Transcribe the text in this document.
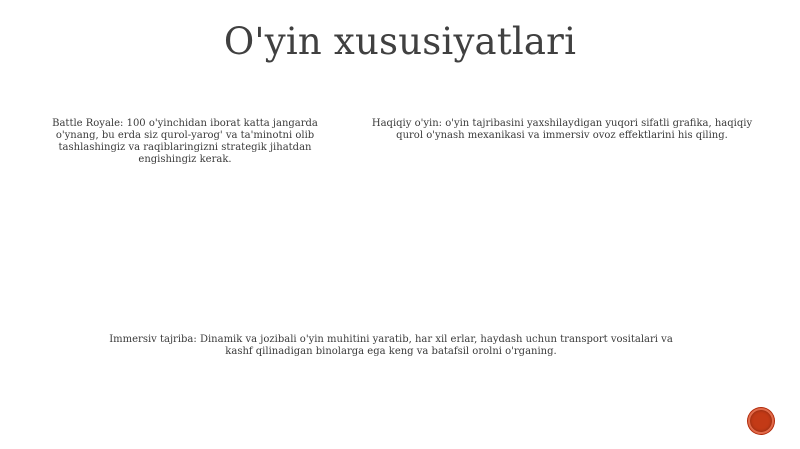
O'yin xususiyatlari

Battle Royale: 100 o'yinchidan iborat katta jangarda o'ynang, bu erda siz qurol-yarog' va ta'minotni olib tashlashingiz va raqiblaringizni strategik jihatdan engishingiz kerak.

Haqiqiy o'yin: o'yin tajribasini yaxshilaydigan yuqori sifatli grafika, haqiqiy qurol o'ynash mexanikasi va immersiv ovoz effektlarini his qiling.

Immersiv tajriba: Dinamik va jozibali o'yin muhitini yaratib, har xil erlar, haydash uchun transport vositalari va kashf qilinadigan binolarga ega keng va batafsil orolni o'rganing.
